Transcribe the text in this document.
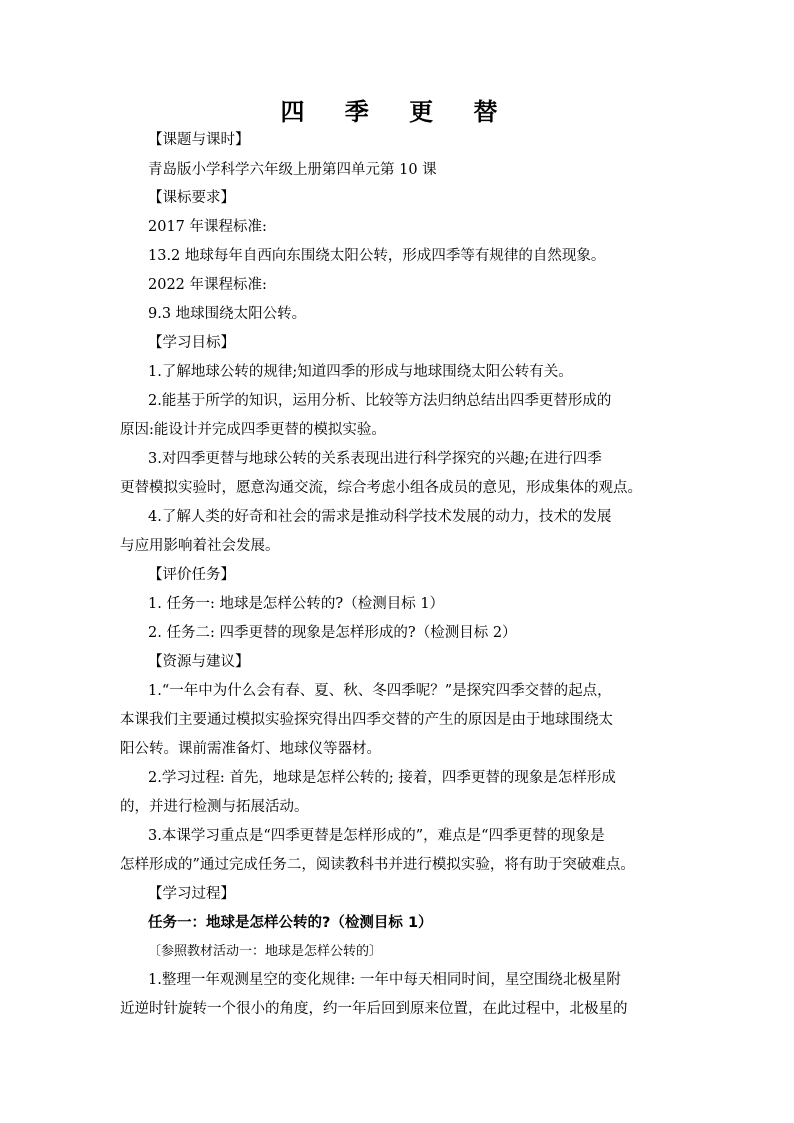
四 季 更 替
【课题与课时】
青岛版小学科学六年级上册第四单元第 10 课
【课标要求】
2017 年课程标准:
13.2 地球每年自西向东围绕太阳公转，形成四季等有规律的自然现象。
2022 年课程标准:
9.3 地球围绕太阳公转。
【学习目标】
1.了解地球公转的规律;知道四季的形成与地球围绕太阳公转有关。
2.能基于所学的知识，运用分析、比较等方法归纳总结出四季更替形成的
原因:能设计并完成四季更替的模拟实验。
3.对四季更替与地球公转的关系表现出进行科学探究的兴趣;在进行四季
更替模拟实验时，愿意沟通交流，综合考虑小组各成员的意见，形成集体的观点。
4.了解人类的好奇和社会的需求是推动科学技术发展的动力，技术的发展
与应用影响着社会发展。
【评价任务】
1. 任务一: 地球是怎样公转的?（检测目标 1）
2. 任务二: 四季更替的现象是怎样形成的?（检测目标 2）
【资源与建议】
1.“一年中为什么会有春、夏、秋、冬四季呢？”是探究四季交替的起点，
本课我们主要通过模拟实验探究得出四季交替的产生的原因是由于地球围绕太
阳公转。课前需准备灯、地球仪等器材。
2.学习过程: 首先，地球是怎样公转的; 接着，四季更替的现象是怎样形成
的，并进行检测与拓展活动。
3.本课学习重点是“四季更替是怎样形成的”，难点是“四季更替的现象是
怎样形成的”通过完成任务二，阅读教科书并进行模拟实验，将有助于突破难点。
【学习过程】
任务一：地球是怎样公转的?（检测目标 1）
〔参照教材活动一：地球是怎样公转的〕
1.整理一年观测星空的变化规律: 一年中每天相同时间，星空围绕北极星附
近逆时针旋转一个很小的角度，约一年后回到原来位置，在此过程中，北极星的
